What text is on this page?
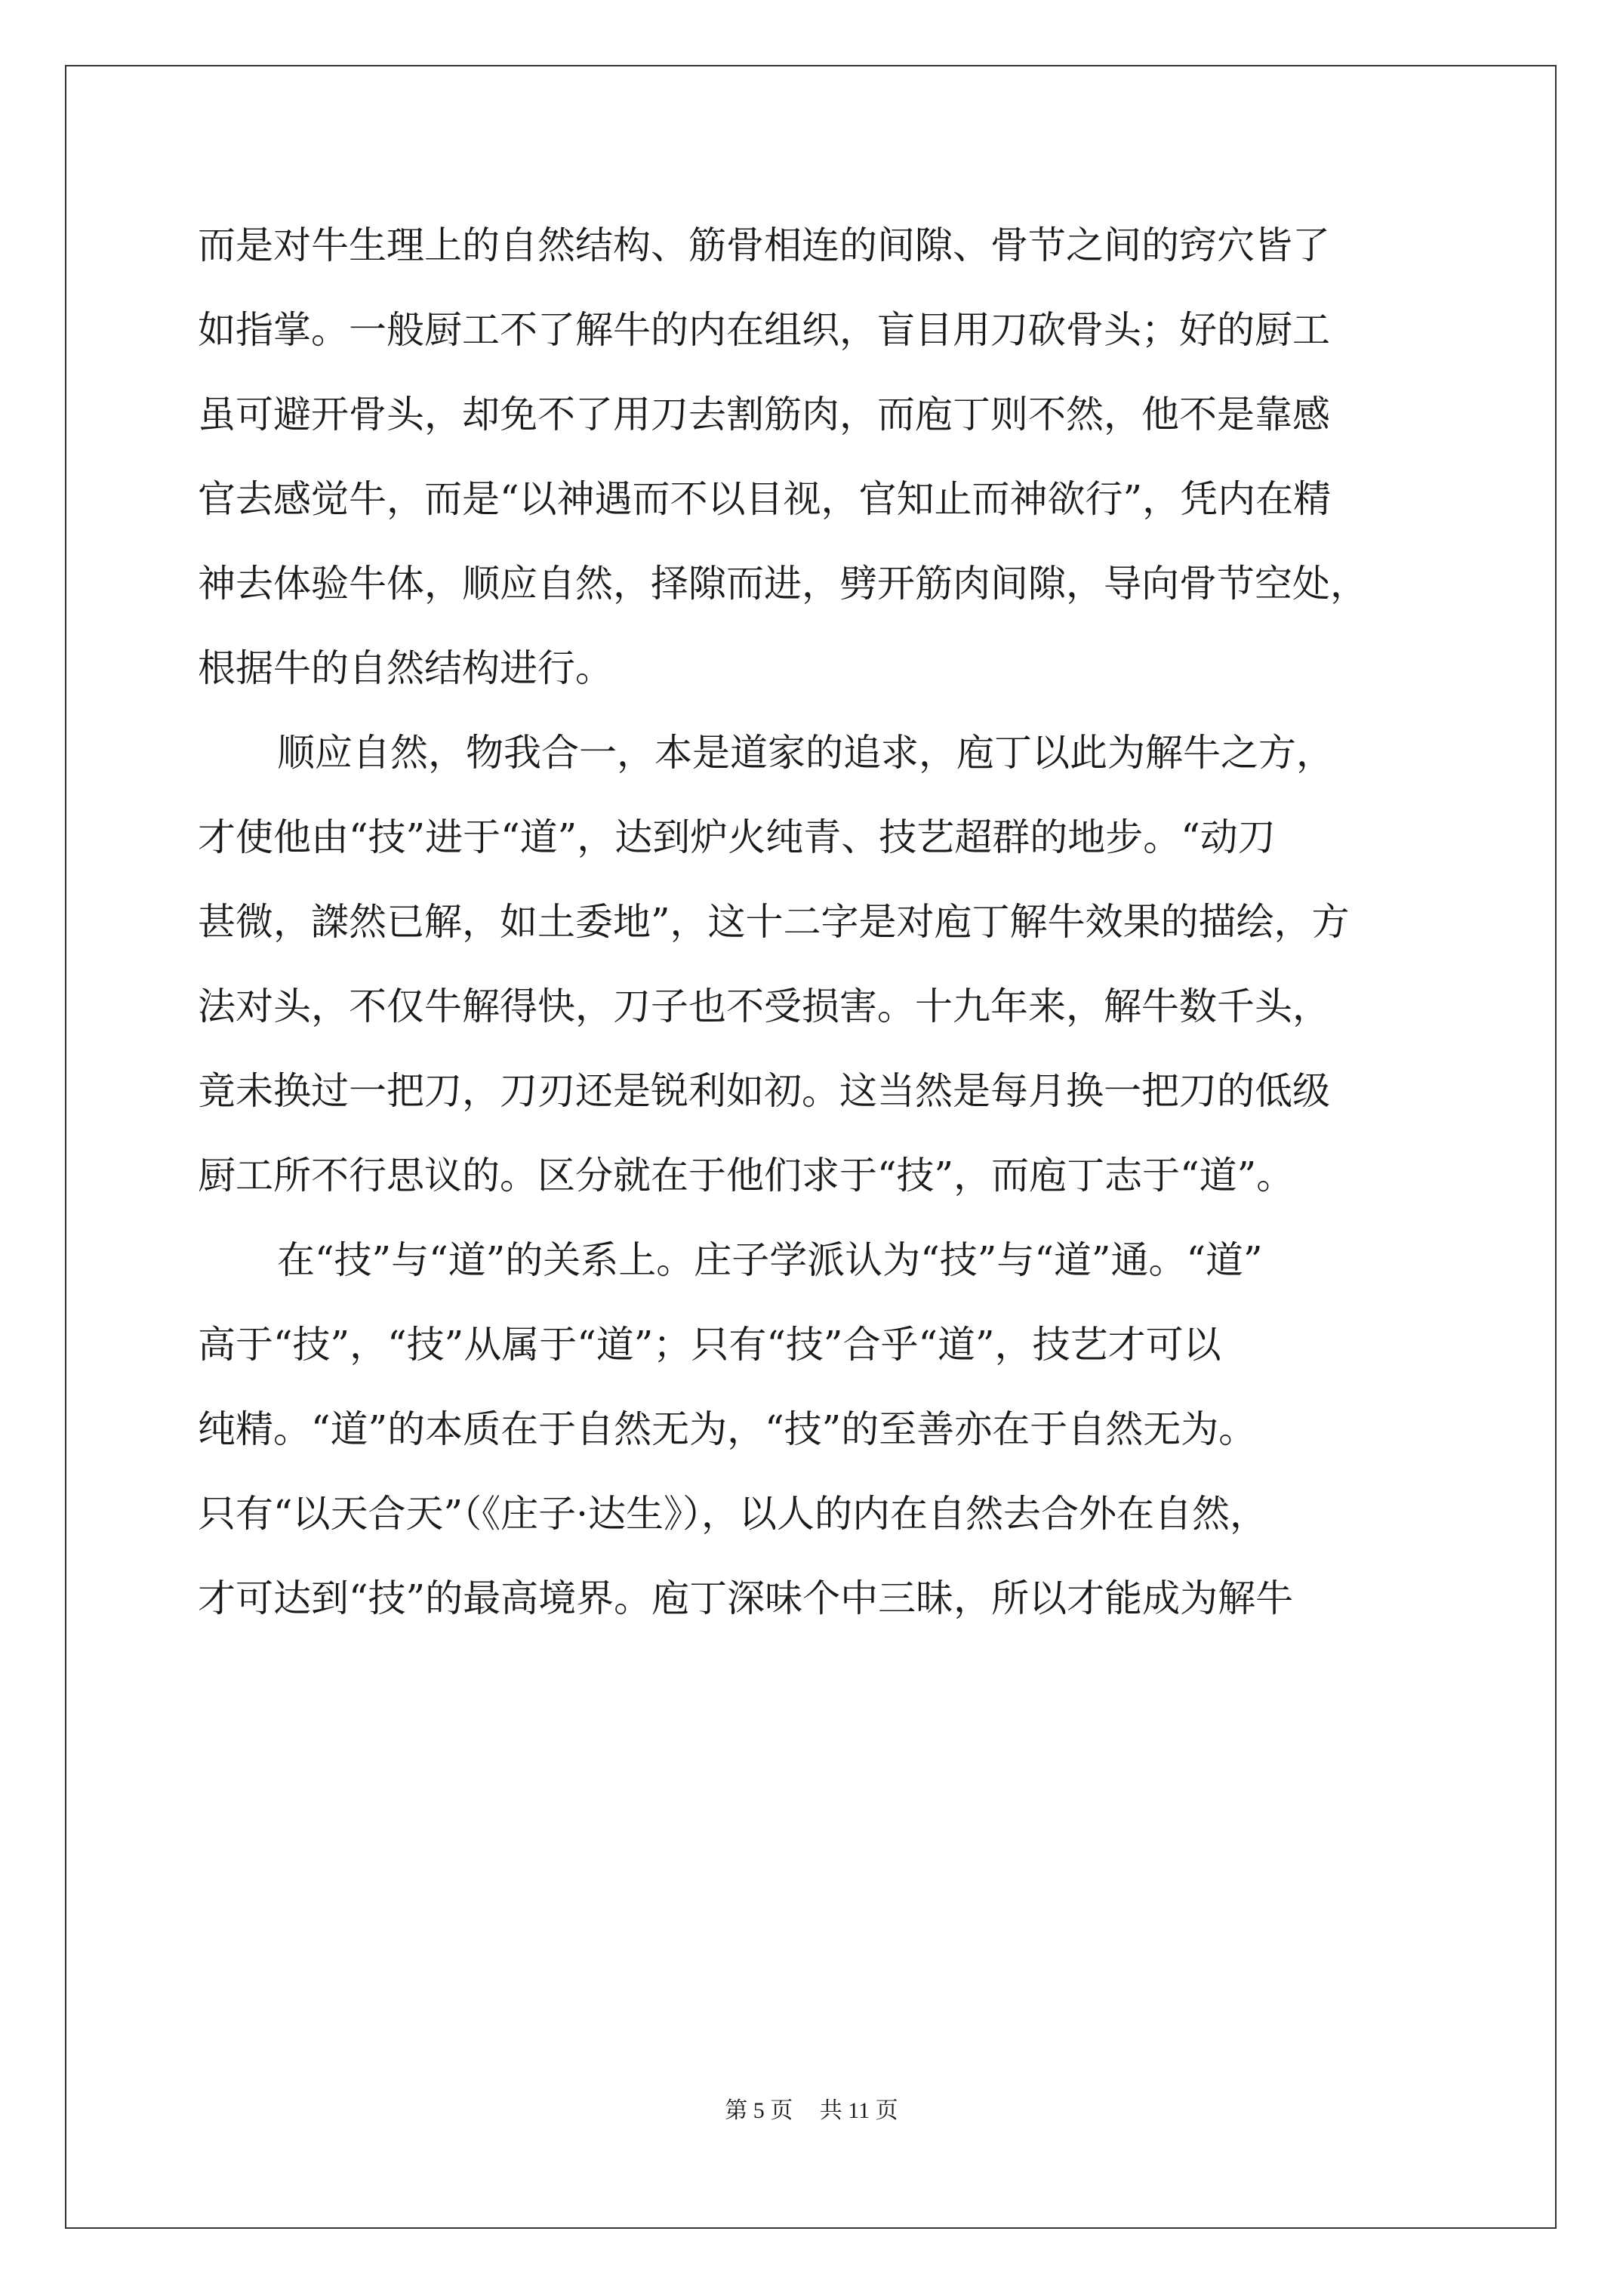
而是对牛生理上的自然结构、筋骨相连的间隙、骨节之间的窍穴皆了
如指掌。一般厨工不了解牛的内在组织，盲目用刀砍骨头；好的厨工
虽可避开骨头，却免不了用刀去割筋肉，而庖丁则不然，他不是靠感
官去感觉牛，而是“以神遇而不以目视，官知止而神欲行”，凭内在精
神去体验牛体，顺应自然，择隙而进，劈开筋肉间隙，导向骨节空处，
根据牛的自然结构进行。
顺应自然，物我合一，本是道家的追求，庖丁以此为解牛之方，
才使他由“技”进于“道”，达到炉火纯青、技艺超群的地步。“动刀
甚微，謋然已解，如土委地”，这十二字是对庖丁解牛效果的描绘，方
法对头，不仅牛解得快，刀子也不受损害。十九年来，解牛数千头，
竟未换过一把刀，刀刃还是锐利如初。这当然是每月换一把刀的低级
厨工所不行思议的。区分就在于他们求于“技”，而庖丁志于“道”。
在“技”与“道”的关系上。庄子学派认为“技”与“道”通。“道”
高于“技”，“技”从属于“道”；只有“技”合乎“道”，技艺才可以
纯精。“道”的本质在于自然无为，“技”的至善亦在于自然无为。
只有“以天合天”（《庄子·达生》），以人的内在自然去合外在自然，
才可达到“技”的最高境界。庖丁深味个中三昧，所以才能成为解牛
第 5 页 共 11 页
